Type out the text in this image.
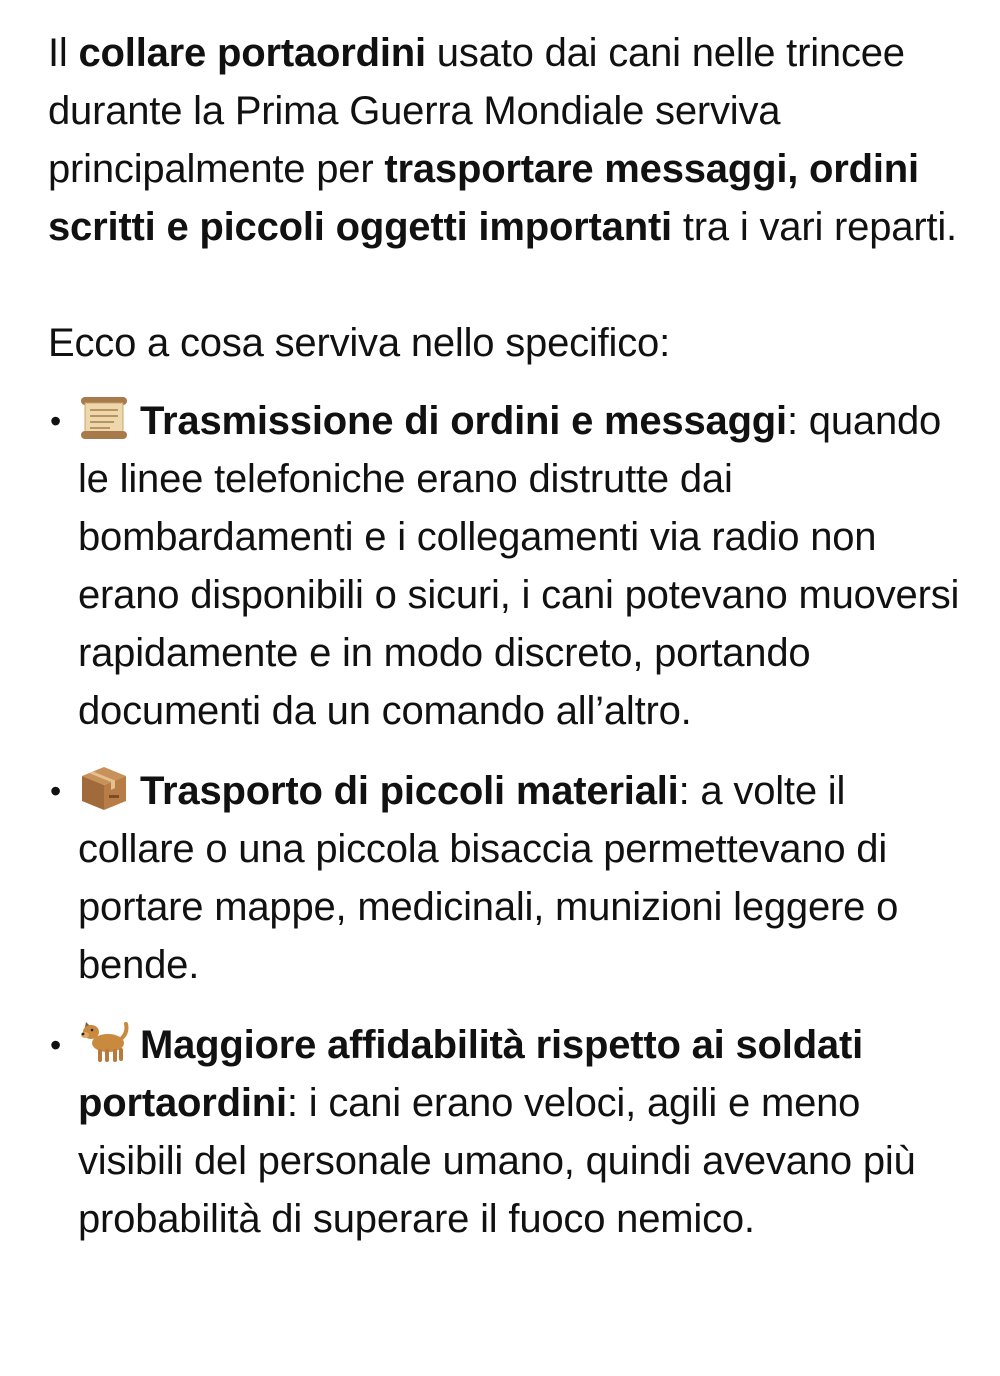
Il collare portaordini usato dai cani nelle trincee durante la Prima Guerra Mondiale serviva principalmente per trasportare messaggi, ordini scritti e piccoli oggetti importanti tra i vari reparti.

Ecco a cosa serviva nello specifico:

• Trasmissione di ordini e messaggi: quando le linee telefoniche erano distrutte dai bombardamenti e i collegamenti via radio non erano disponibili o sicuri, i cani potevano muoversi rapidamente e in modo discreto, portando documenti da un comando all’altro.
• Trasporto di piccoli materiali: a volte il collare o una piccola bisaccia permettevano di portare mappe, medicinali, munizioni leggere o bende.
• Maggiore affidabilità rispetto ai soldati portaordini: i cani erano veloci, agili e meno visibili del personale umano, quindi avevano più probabilità di superare il fuoco nemico.
